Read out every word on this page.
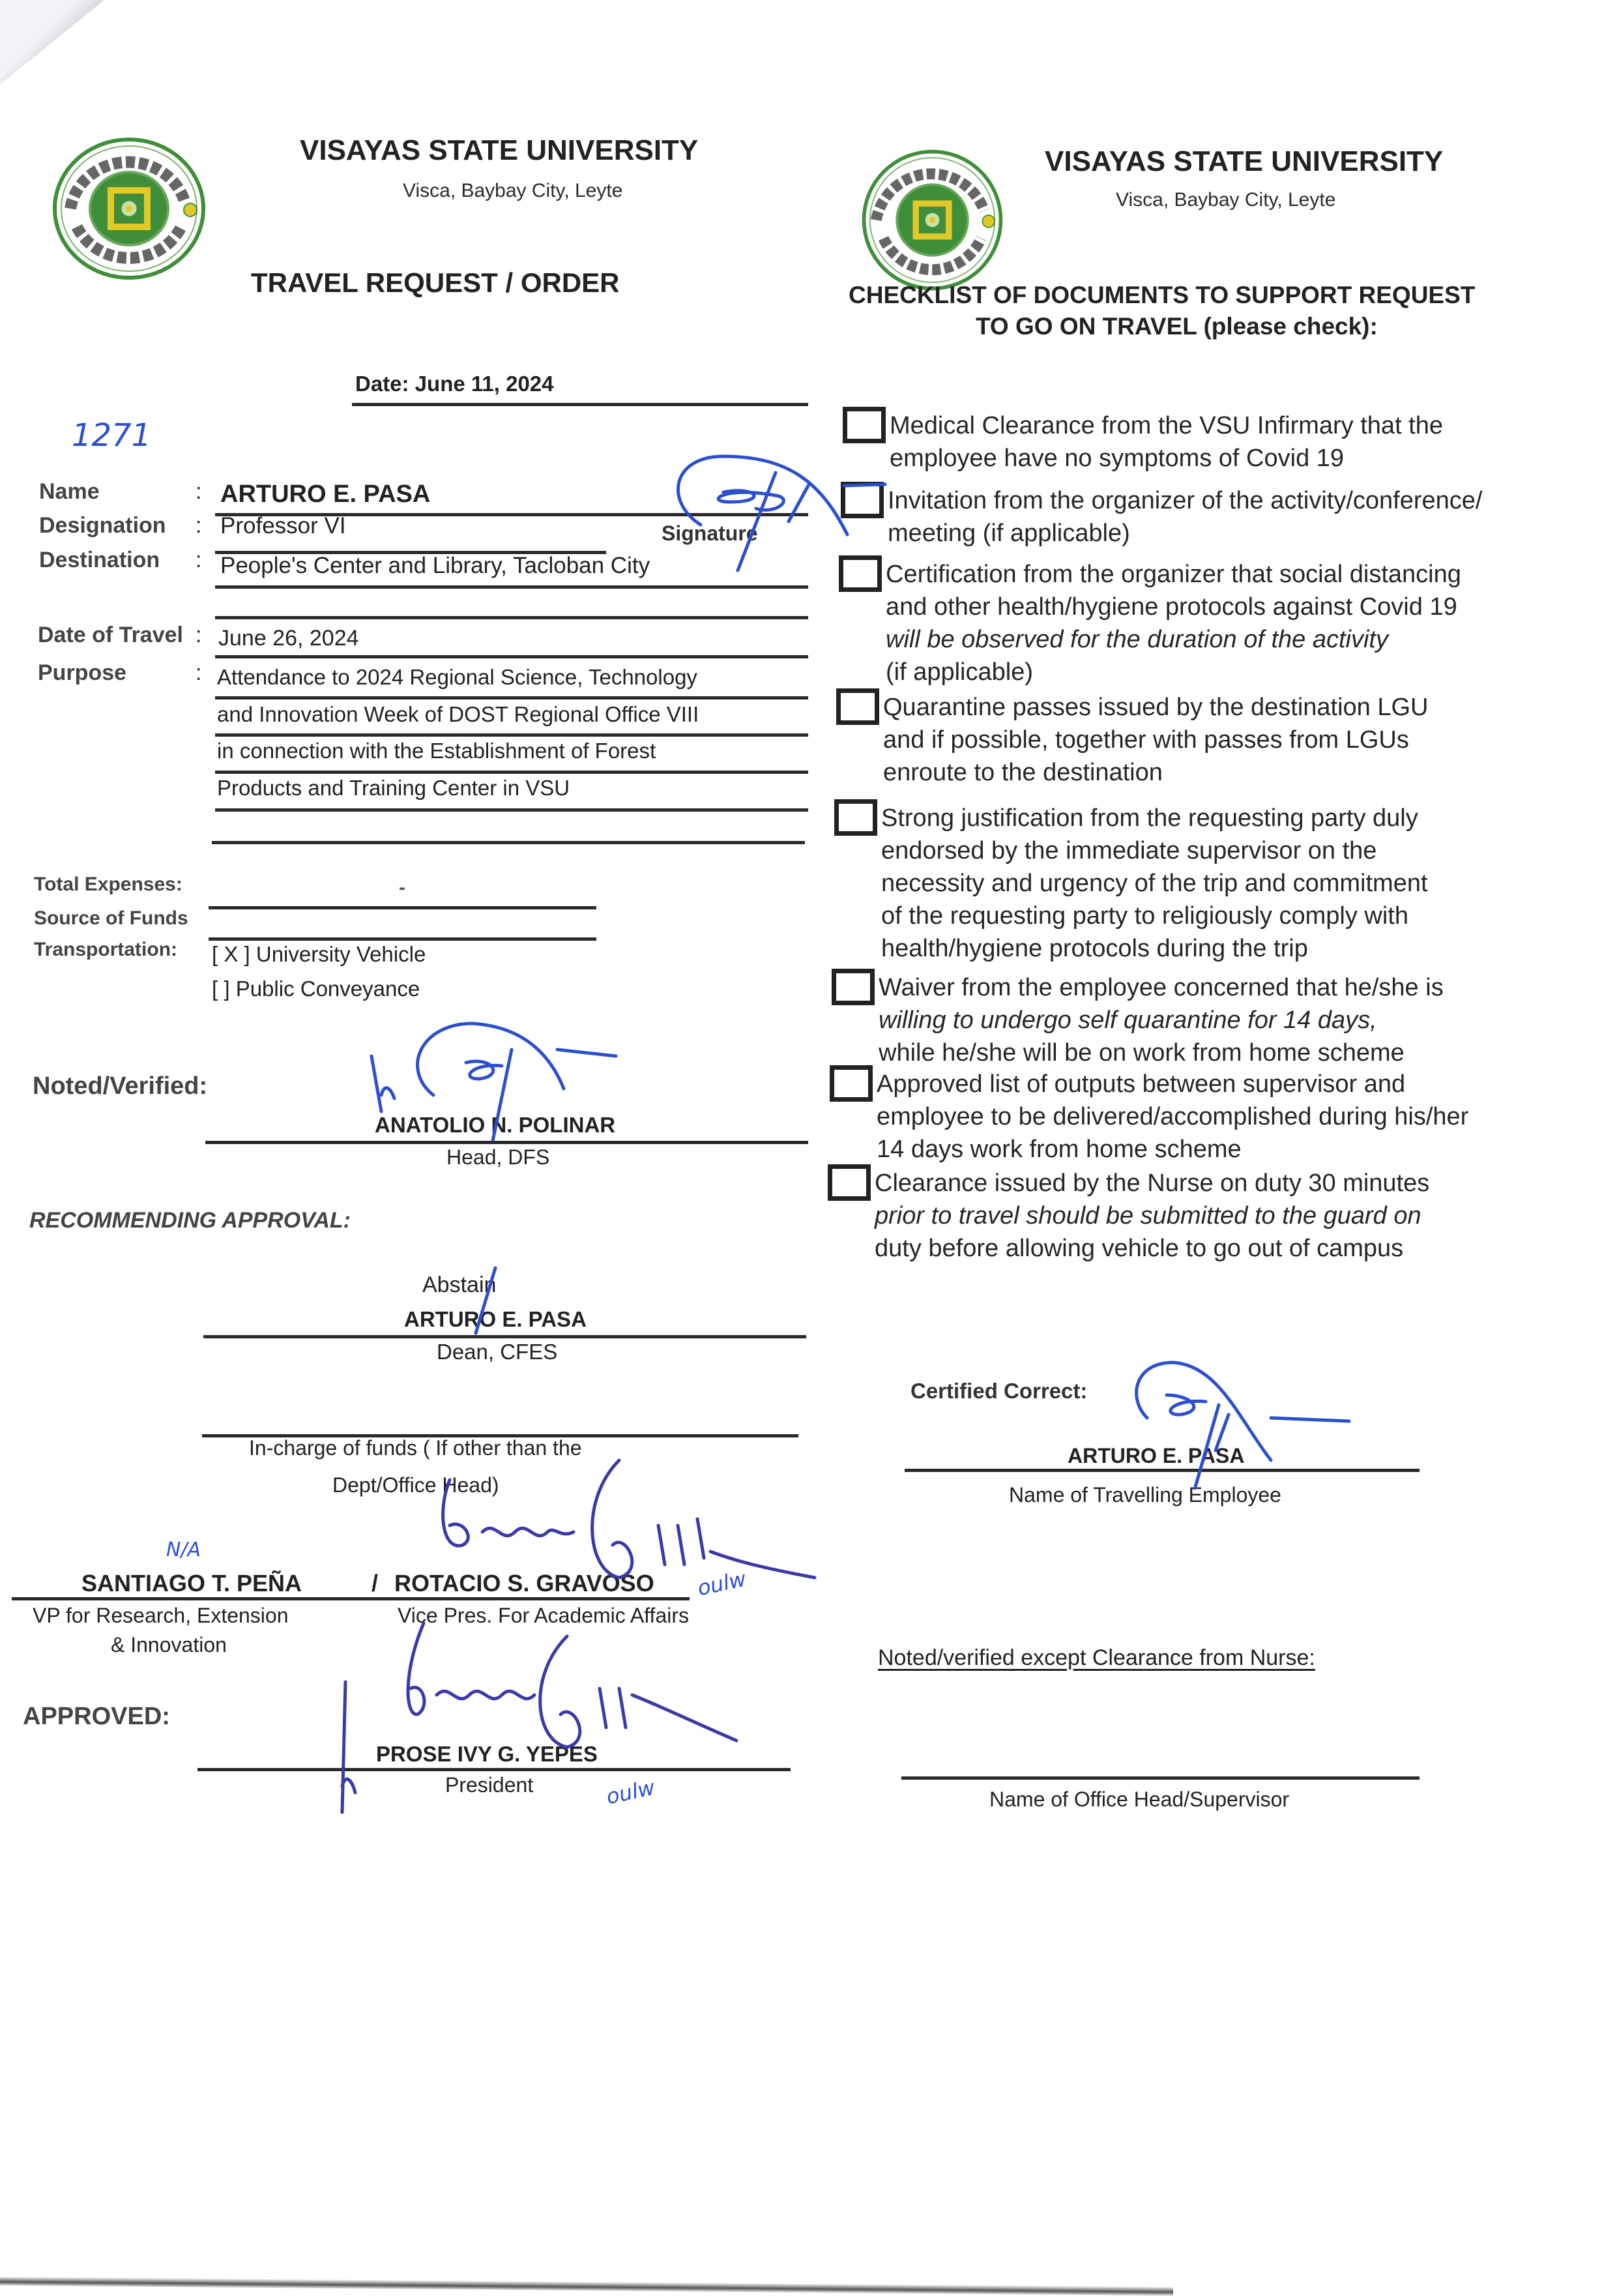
VISAYAS STATE UNIVERSITY
Visca, Baybay City, Leyte
TRAVEL REQUEST / ORDER
Date: June 11, 2024
1271
Name	: ARTURO E. PASA
Designation : Professor VI	Signature
Destination : People's Center and Library, Tacloban City
Date of Travel : June 26, 2024
Purpose	: Attendance to 2024 Regional Science, Technology
and Innovation Week of DOST Regional Office VIII
in connection with the Establishment of Forest
Products and Training Center in VSU
Total Expenses:	-
Source of Funds
Transportation: [ X ] University Vehicle
[ ] Public Conveyance
Noted/Verified:
ANATOLIO N. POLINAR
Head, DFS
RECOMMENDING APPROVAL:
Abstain
ARTURO E. PASA
Dean, CFES
In-charge of funds ( If other than the
Dept/Office Head)
N/A
SANTIAGO T. PEÑA	/ ROTACIO S. GRAVOSO
VP for Research, Extension
& Innovation
Vice Pres. For Academic Affairs
oulw
APPROVED:
PROSE IVY G. YEPES
President	oulw
VISAYAS STATE UNIVERSITY
Visca, Baybay City, Leyte
CHECKLIST OF DOCUMENTS TO SUPPORT REQUEST
TO GO ON TRAVEL (please check):
Medical Clearance from the VSU Infirmary that the
employee have no symptoms of Covid 19
Invitation from the organizer of the activity/conference/
meeting (if applicable)
Certification from the organizer that social distancing
and other health/hygiene protocols against Covid 19
will be observed for the duration of the activity
(if applicable)
Quarantine passes issued by the destination LGU
and if possible, together with passes from LGUs
enroute to the destination
Strong justification from the requesting party duly
endorsed by the immediate supervisor on the
necessity and urgency of the trip and commitment
of the requesting party to religiously comply with
health/hygiene protocols during the trip
Waiver from the employee concerned that he/she is
willing to undergo self quarantine for 14 days,
while he/she will be on work from home scheme
Approved list of outputs between supervisor and
employee to be delivered/accomplished during his/her
14 days work from home scheme
Clearance issued by the Nurse on duty 30 minutes
prior to travel should be submitted to the guard on
duty before allowing vehicle to go out of campus
Certified Correct:
ARTURO E. PASA
Name of Travelling Employee
Noted/verified except Clearance from Nurse:
Name of Office Head/Supervisor
